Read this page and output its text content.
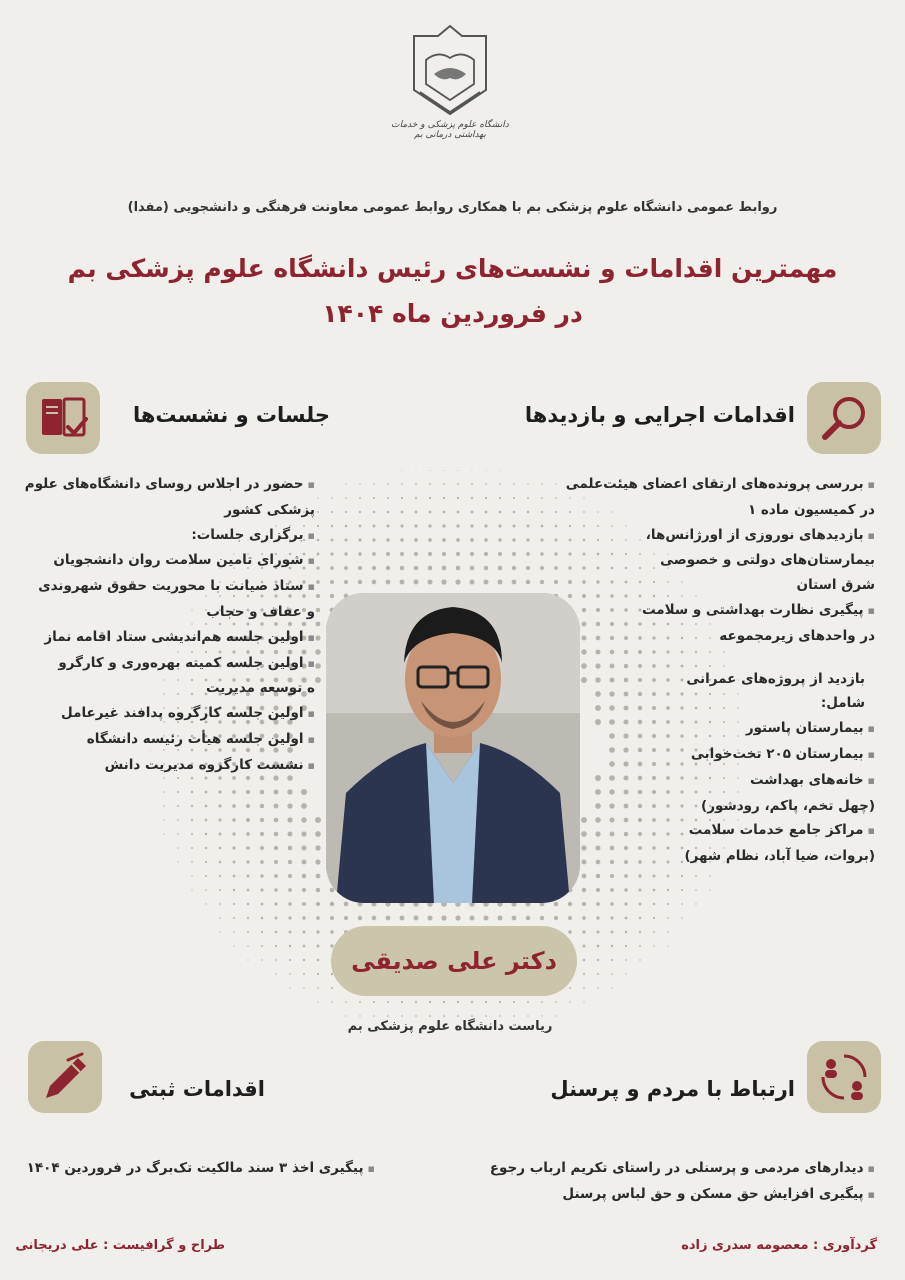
دانشگاه علوم پزشکی و خدمات بهداشتی درمانی بم
روابط عمومی دانشگاه علوم پزشکی بم با همکاری روابط عمومی معاونت فرهنگی و دانشجویی (مفدا)
مهمترین اقدامات و نشست‌های رئیس دانشگاه علوم پزشکی بم
در فروردین ماه ۱۴۰۴
اقدامات اجرایی و بازدیدها
▪ بررسی پرونده‌های ارتقای اعضای هیئت‌علمی
در کمیسیون ماده ۱
▪ بازدیدهای نوروزی از اورژانس‌ها،
بیمارستان‌های دولتی و خصوصی
شرق استان
▪ پیگیری نظارت بهداشتی و سلامت
در واحدهای زیرمجموعه
بازدید از پروژه‌های عمرانی
شامل:
▪ بیمارستان پاستور
▪ بیمارستان ۲۰۵ تخت‌خوابی
▪ خانه‌های بهداشت
(چهل تخم، پاکم، رودشور)
▪ مراکز جامع خدمات سلامت
(بروات، ضیا آباد، نظام شهر)
جلسات و نشست‌ها
▪ حضور در اجلاس روسای دانشگاه‌های علوم
پزشکی کشور
▪ برگزاری جلسات:
▪ شورای تامین سلامت روان دانشجویان
▪ ستاد صیانت با محوریت حقوق شهروندی
و عفاف و حجاب
▪ اولین جلسه هم‌اندیشی ستاد اقامه نماز
▪ اولین جلسه کمیته بهره‌وری و کارگرو
ه توسعه مدیریت
▪ اولین جلسه کارگروه پدافند غیرعامل
▪ اولین جلسه هیأت رئیسه دانشگاه
▪ نشست کارگروه مدیریت دانش
دکتر علی صدیقی
ریاست دانشگاه علوم پزشکی بم
ارتباط با مردم و پرسنل
▪ دیدارهای مردمی و پرسنلی در راستای تکریم ارباب رجوع
▪ پیگیری افزایش حق مسکن و حق لباس پرسنل
اقدامات ثبتی
▪ پیگیری اخذ ۳ سند مالکیت تک‌برگ در فروردین ۱۴۰۴
گردآوری : معصومه سدری زاده
طراح و گرافیست : علی دریجانی
